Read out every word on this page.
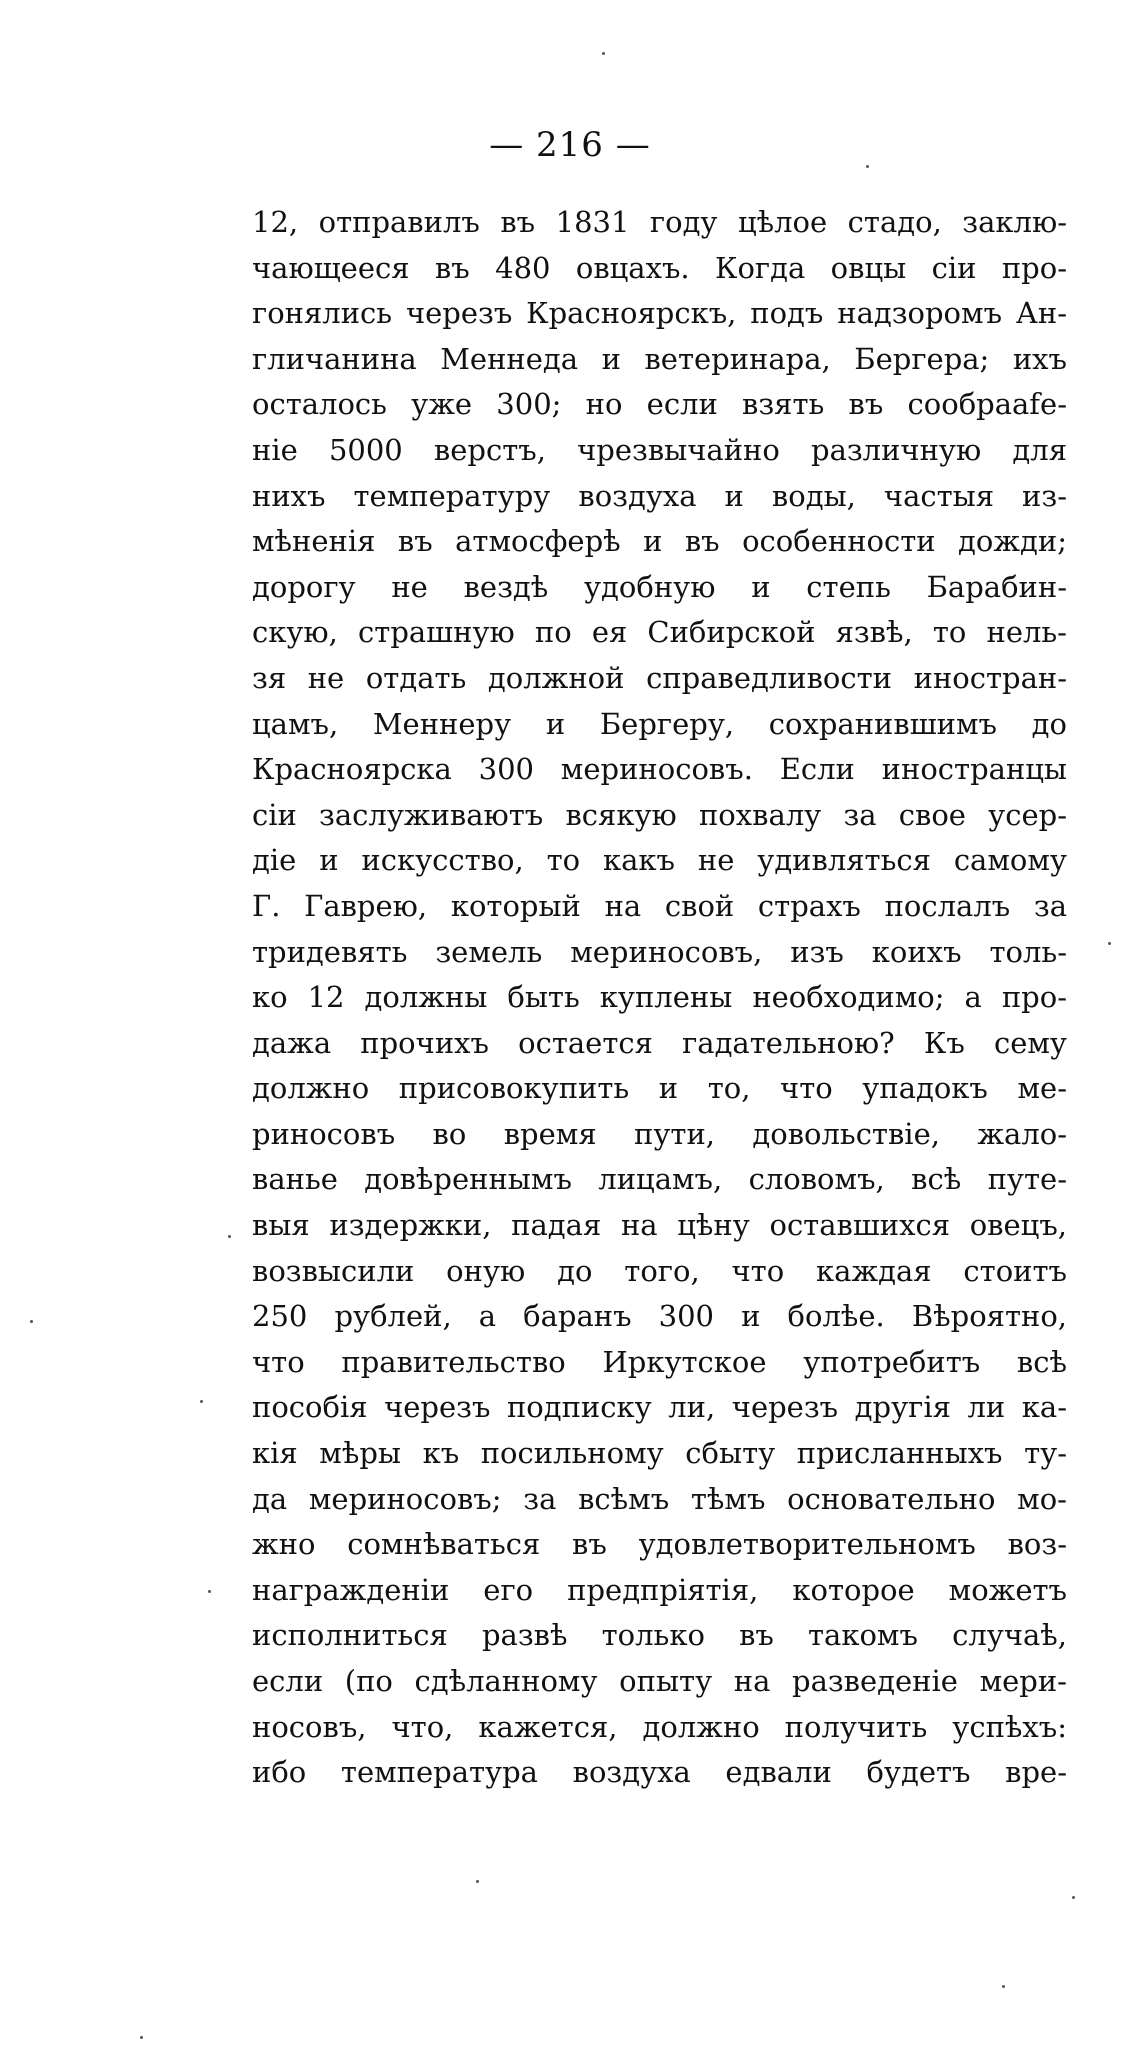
— 216 —
12, отправилъ въ 1831 году цѣлое стадо, заклю-
чающееся въ 480 овцахъ. Когда овцы сіи про-
гонялись черезъ Красноярскъ, подъ надзоромъ Ан-
гличанина Меннеда и ветеринара, Бергера; ихъ
осталось уже 300; но если взять въ сообраafe-
ніе 5000 верстъ, чрезвычайно различную для
нихъ температуру воздуха и воды, частыя из-
мѣненія въ атмосферѣ и въ особенности дожди;
дорогу не вездѣ удобную и степь Барабин-
скую, страшную по ея Сибирской язвѣ, то нель-
зя не отдать должной справедливости иностран-
цамъ, Меннеру и Бергеру, сохранившимъ до
Красноярска 300 мериносовъ. Если иностранцы
сіи заслуживаютъ всякую похвалу за свое усер-
діе и искусство, то какъ не удивляться самому
Г. Гаврею, который на свой страхъ послалъ за
тридевять земель мериносовъ, изъ коихъ толь-
ко 12 должны быть куплены необходимо; а про-
дажа прочихъ остается гадательною? Къ сему
должно присовокупить и то, что упадокъ ме-
риносовъ во время пути, довольствіе, жало-
ванье довѣреннымъ лицамъ, словомъ, всѣ путе-
выя издержки, падая на цѣну оставшихся овецъ,
возвысили оную до того, что каждая стоитъ
250 рублей, а баранъ 300 и болѣе. Вѣроятно,
что правительство Иркутское употребитъ всѣ
пособія черезъ подписку ли, черезъ другія ли ка-
кія мѣры къ посильному сбыту присланныхъ ту-
да мериносовъ; за всѣмъ тѣмъ основательно мо-
жно сомнѣваться въ удовлетворительномъ воз-
награжденіи его предпріятія, которое можетъ
исполниться развѣ только въ такомъ случаѣ,
если (по сдѣланному опыту на разведеніе мери-
носовъ, что, кажется, должно получить успѣхъ:
ибо температура воздуха едвали будетъ вре-
